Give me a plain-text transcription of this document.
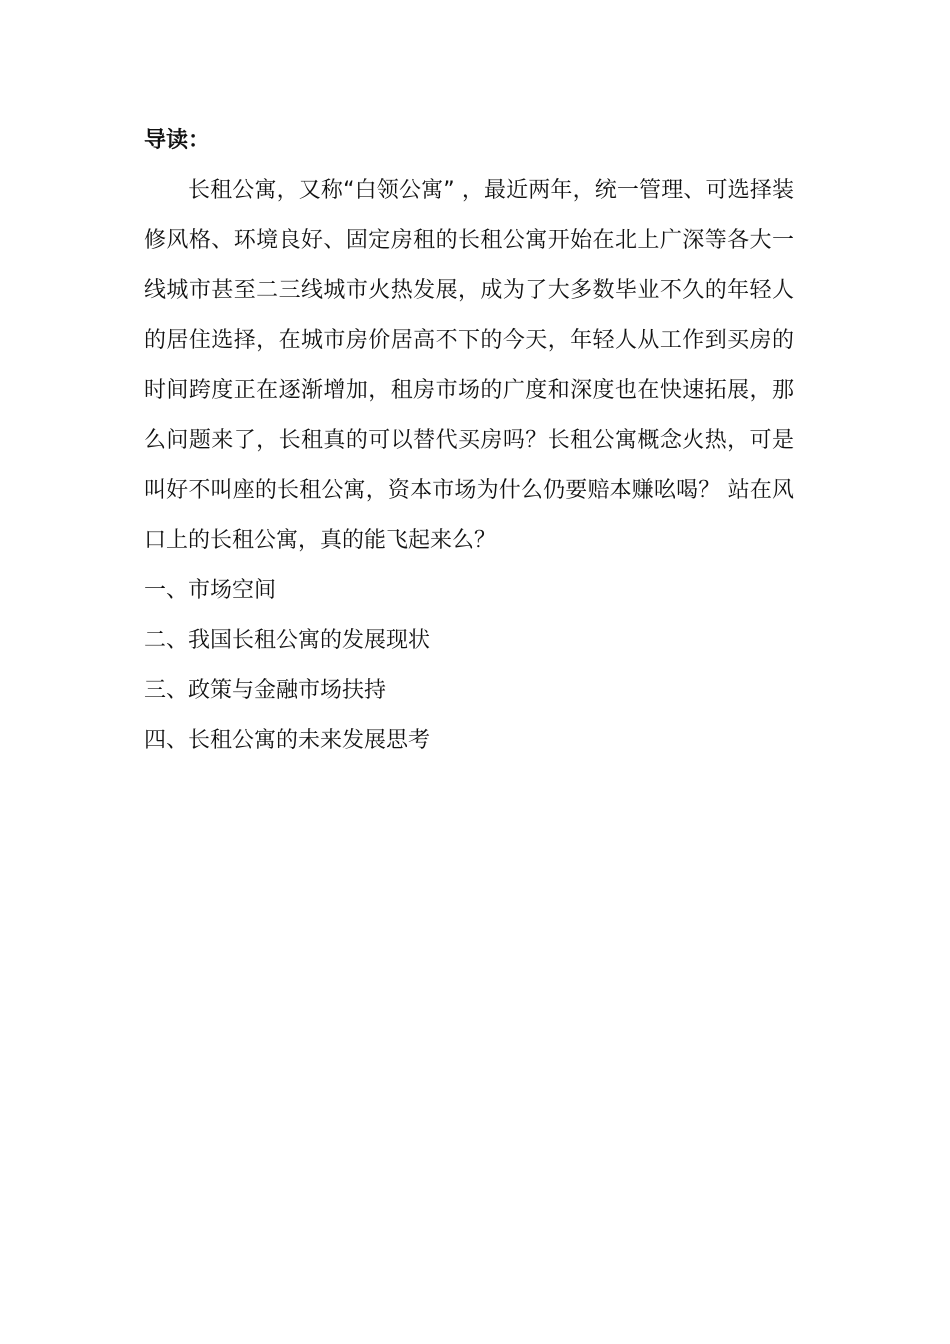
导读：

长租公寓，又称“白领公寓” ，最近两年，统一管理、可选择装修风格、环境良好、固定房租的长租公寓开始在北上广深等各大一线城市甚至二三线城市火热发展，成为了大多数毕业不久的年轻人的居住选择，在城市房价居高不下的今天，年轻人从工作到买房的时间跨度正在逐渐增加，租房市场的广度和深度也在快速拓展，那么问题来了，长租真的可以替代买房吗？长租公寓概念火热，可是叫好不叫座的长租公寓，资本市场为什么仍要赔本赚吆喝？ 站在风口上的长租公寓，真的能飞起来么？

一、市场空间
二、我国长租公寓的发展现状
三、政策与金融市场扶持
四、长租公寓的未来发展思考
